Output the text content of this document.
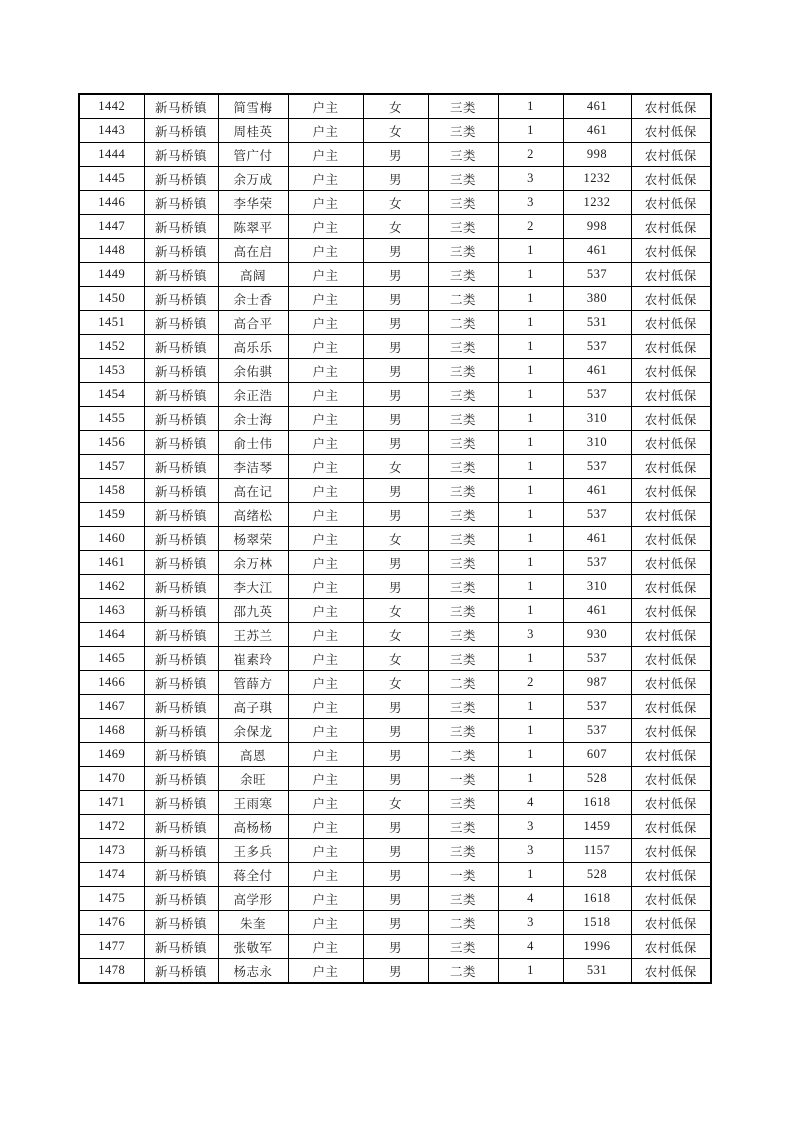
1442	新马桥镇	简雪梅	户主	女	三类	1	461	农村低保
1443	新马桥镇	周桂英	户主	女	三类	1	461	农村低保
1444	新马桥镇	管广付	户主	男	三类	2	998	农村低保
1445	新马桥镇	余万成	户主	男	三类	3	1232	农村低保
1446	新马桥镇	李华荣	户主	女	三类	3	1232	农村低保
1447	新马桥镇	陈翠平	户主	女	三类	2	998	农村低保
1448	新马桥镇	高在启	户主	男	三类	1	461	农村低保
1449	新马桥镇	高阔	户主	男	三类	1	537	农村低保
1450	新马桥镇	余士香	户主	男	二类	1	380	农村低保
1451	新马桥镇	高合平	户主	男	二类	1	531	农村低保
1452	新马桥镇	高乐乐	户主	男	三类	1	537	农村低保
1453	新马桥镇	余佑骐	户主	男	三类	1	461	农村低保
1454	新马桥镇	余正浩	户主	男	三类	1	537	农村低保
1455	新马桥镇	余士海	户主	男	三类	1	310	农村低保
1456	新马桥镇	俞士伟	户主	男	三类	1	310	农村低保
1457	新马桥镇	李洁琴	户主	女	三类	1	537	农村低保
1458	新马桥镇	高在记	户主	男	三类	1	461	农村低保
1459	新马桥镇	高绪松	户主	男	三类	1	537	农村低保
1460	新马桥镇	杨翠荣	户主	女	三类	1	461	农村低保
1461	新马桥镇	余万林	户主	男	三类	1	537	农村低保
1462	新马桥镇	李大江	户主	男	三类	1	310	农村低保
1463	新马桥镇	邵九英	户主	女	三类	1	461	农村低保
1464	新马桥镇	王苏兰	户主	女	三类	3	930	农村低保
1465	新马桥镇	崔素玲	户主	女	三类	1	537	农村低保
1466	新马桥镇	管薛方	户主	女	二类	2	987	农村低保
1467	新马桥镇	高子琪	户主	男	三类	1	537	农村低保
1468	新马桥镇	余保龙	户主	男	三类	1	537	农村低保
1469	新马桥镇	高恩	户主	男	二类	1	607	农村低保
1470	新马桥镇	余旺	户主	男	一类	1	528	农村低保
1471	新马桥镇	王雨寒	户主	女	三类	4	1618	农村低保
1472	新马桥镇	高杨杨	户主	男	三类	3	1459	农村低保
1473	新马桥镇	王多兵	户主	男	三类	3	1157	农村低保
1474	新马桥镇	蒋全付	户主	男	一类	1	528	农村低保
1475	新马桥镇	高学形	户主	男	三类	4	1618	农村低保
1476	新马桥镇	朱奎	户主	男	二类	3	1518	农村低保
1477	新马桥镇	张敬军	户主	男	三类	4	1996	农村低保
1478	新马桥镇	杨志永	户主	男	二类	1	531	农村低保
